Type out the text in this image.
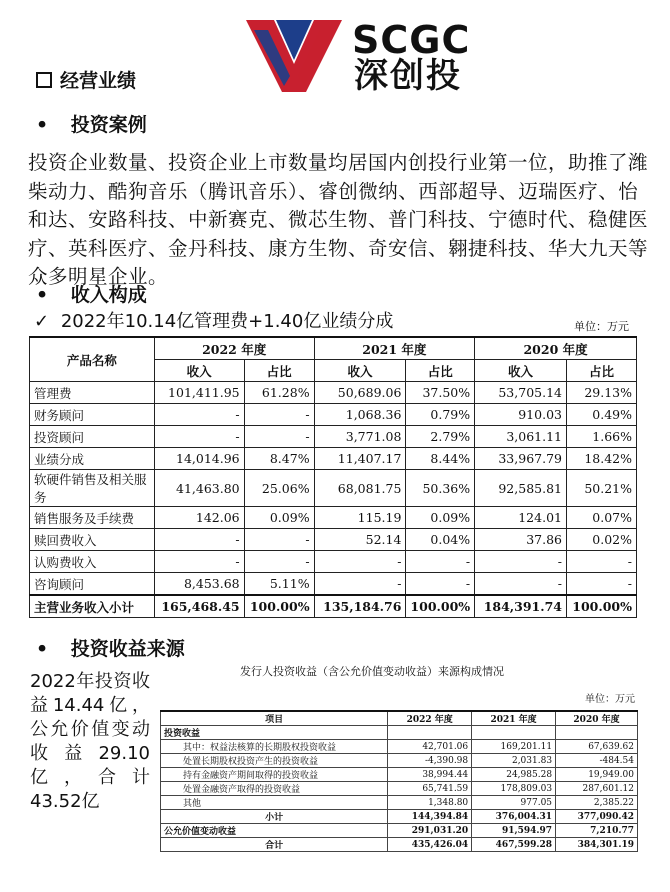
SCGC
深创投
经营业绩
• 投资案例
投资企业数量、投资企业上市数量均居国内创投行业第一位，助推了潍柴动力、酷狗音乐（腾讯音乐）、睿创微纳、西部超导、迈瑞医疗、怡和达、安路科技、中新赛克、微芯生物、普门科技、宁德时代、稳健医疗、英科医疗、金丹科技、康方生物、奇安信、翱捷科技、华大九天等众多明星企业。
• 收入构成
✓ 2022年10.14亿管理费+1.40亿业绩分成	单位：万元
产品名称	2022 年度		2021 年度		2020 年度	
	收入	占比	收入	占比	收入	占比
管理费	101,411.95	61.28%	50,689.06	37.50%	53,705.14	29.13%
财务顾问	-	-	1,068.36	0.79%	910.03	0.49%
投资顾问	-	-	3,771.08	2.79%	3,061.11	1.66%
业绩分成	14,014.96	8.47%	11,407.17	8.44%	33,967.79	18.42%
软硬件销售及相关服务	41,463.80	25.06%	68,081.75	50.36%	92,585.81	50.21%
销售服务及手续费	142.06	0.09%	115.19	0.09%	124.01	0.07%
赎回费收入	-	-	52.14	0.04%	37.86	0.02%
认购费收入	-	-	-	-	-	-
咨询顾问	8,453.68	5.11%	-	-	-	-
主营业务收入小计	165,468.45	100.00%	135,184.76	100.00%	184,391.74	100.00%
• 投资收益来源
2022年投资收益14.44亿，公允价值变动收益29.10亿，合计43.52亿
发行人投资收益（含公允价值变动收益）来源构成情况
单位：万元
项目	2022 年度	2021 年度	2020 年度
投资收益			
其中：权益法核算的长期股权投资收益	42,701.06	169,201.11	67,639.62
处置长期股权投资产生的投资收益	-4,390.98	2,031.83	-484.54
持有金融资产期间取得的投资收益	38,994.44	24,985.28	19,949.00
处置金融资产取得的投资收益	65,741.59	178,809.03	287,601.12
其他	1,348.80	977.05	2,385.22
小计	144,394.84	376,004.31	377,090.42
公允价值变动收益	291,031.20	91,594.97	7,210.77
合计	435,426.04	467,599.28	384,301.19
